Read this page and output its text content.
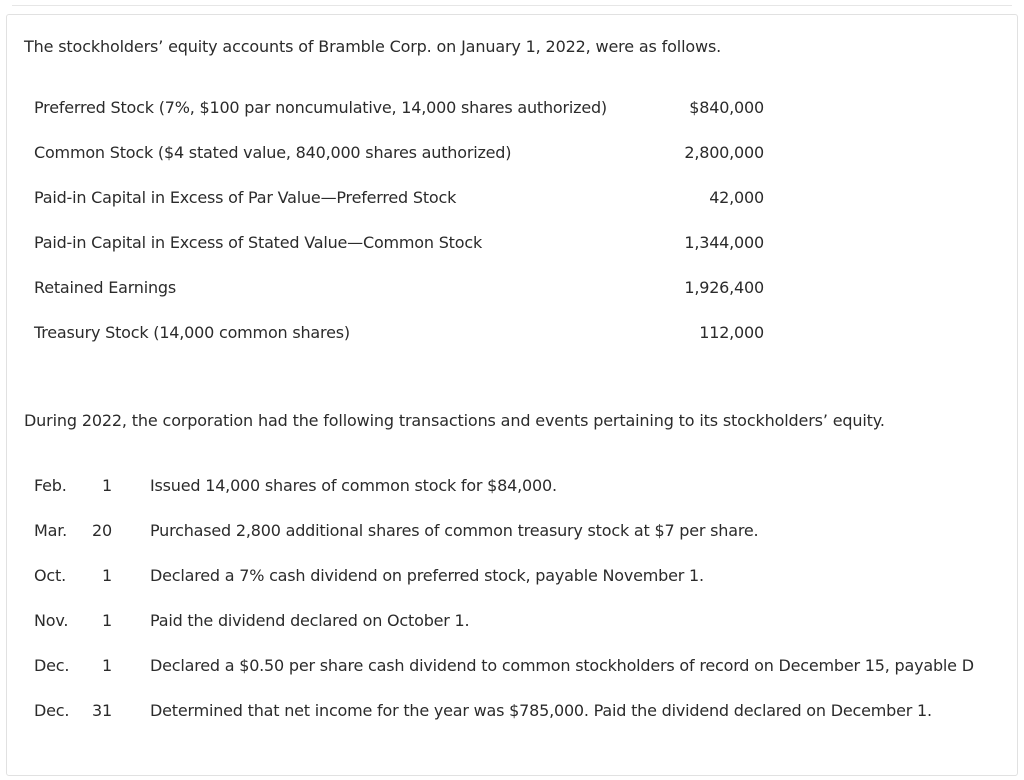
The stockholders’ equity accounts of Bramble Corp. on January 1, 2022, were as follows.
Preferred Stock (7%, $100 par noncumulative, 14,000 shares authorized)	$840,000
Common Stock ($4 stated value, 840,000 shares authorized)	2,800,000
Paid-in Capital in Excess of Par Value—Preferred Stock	42,000
Paid-in Capital in Excess of Stated Value—Common Stock	1,344,000
Retained Earnings	1,926,400
Treasury Stock (14,000 common shares)	112,000
During 2022, the corporation had the following transactions and events pertaining to its stockholders’ equity.
Feb.	1 Issued 14,000 shares of common stock for $84,000.
Mar.	20 Purchased 2,800 additional shares of common treasury stock at $7 per share.
Oct.	1 Declared a 7% cash dividend on preferred stock, payable November 1.
Nov.	1 Paid the dividend declared on October 1.
Dec.	1 Declared a $0.50 per share cash dividend to common stockholders of record on December 15, payable D
Dec.	31 Determined that net income for the year was $785,000. Paid the dividend declared on December 1.
